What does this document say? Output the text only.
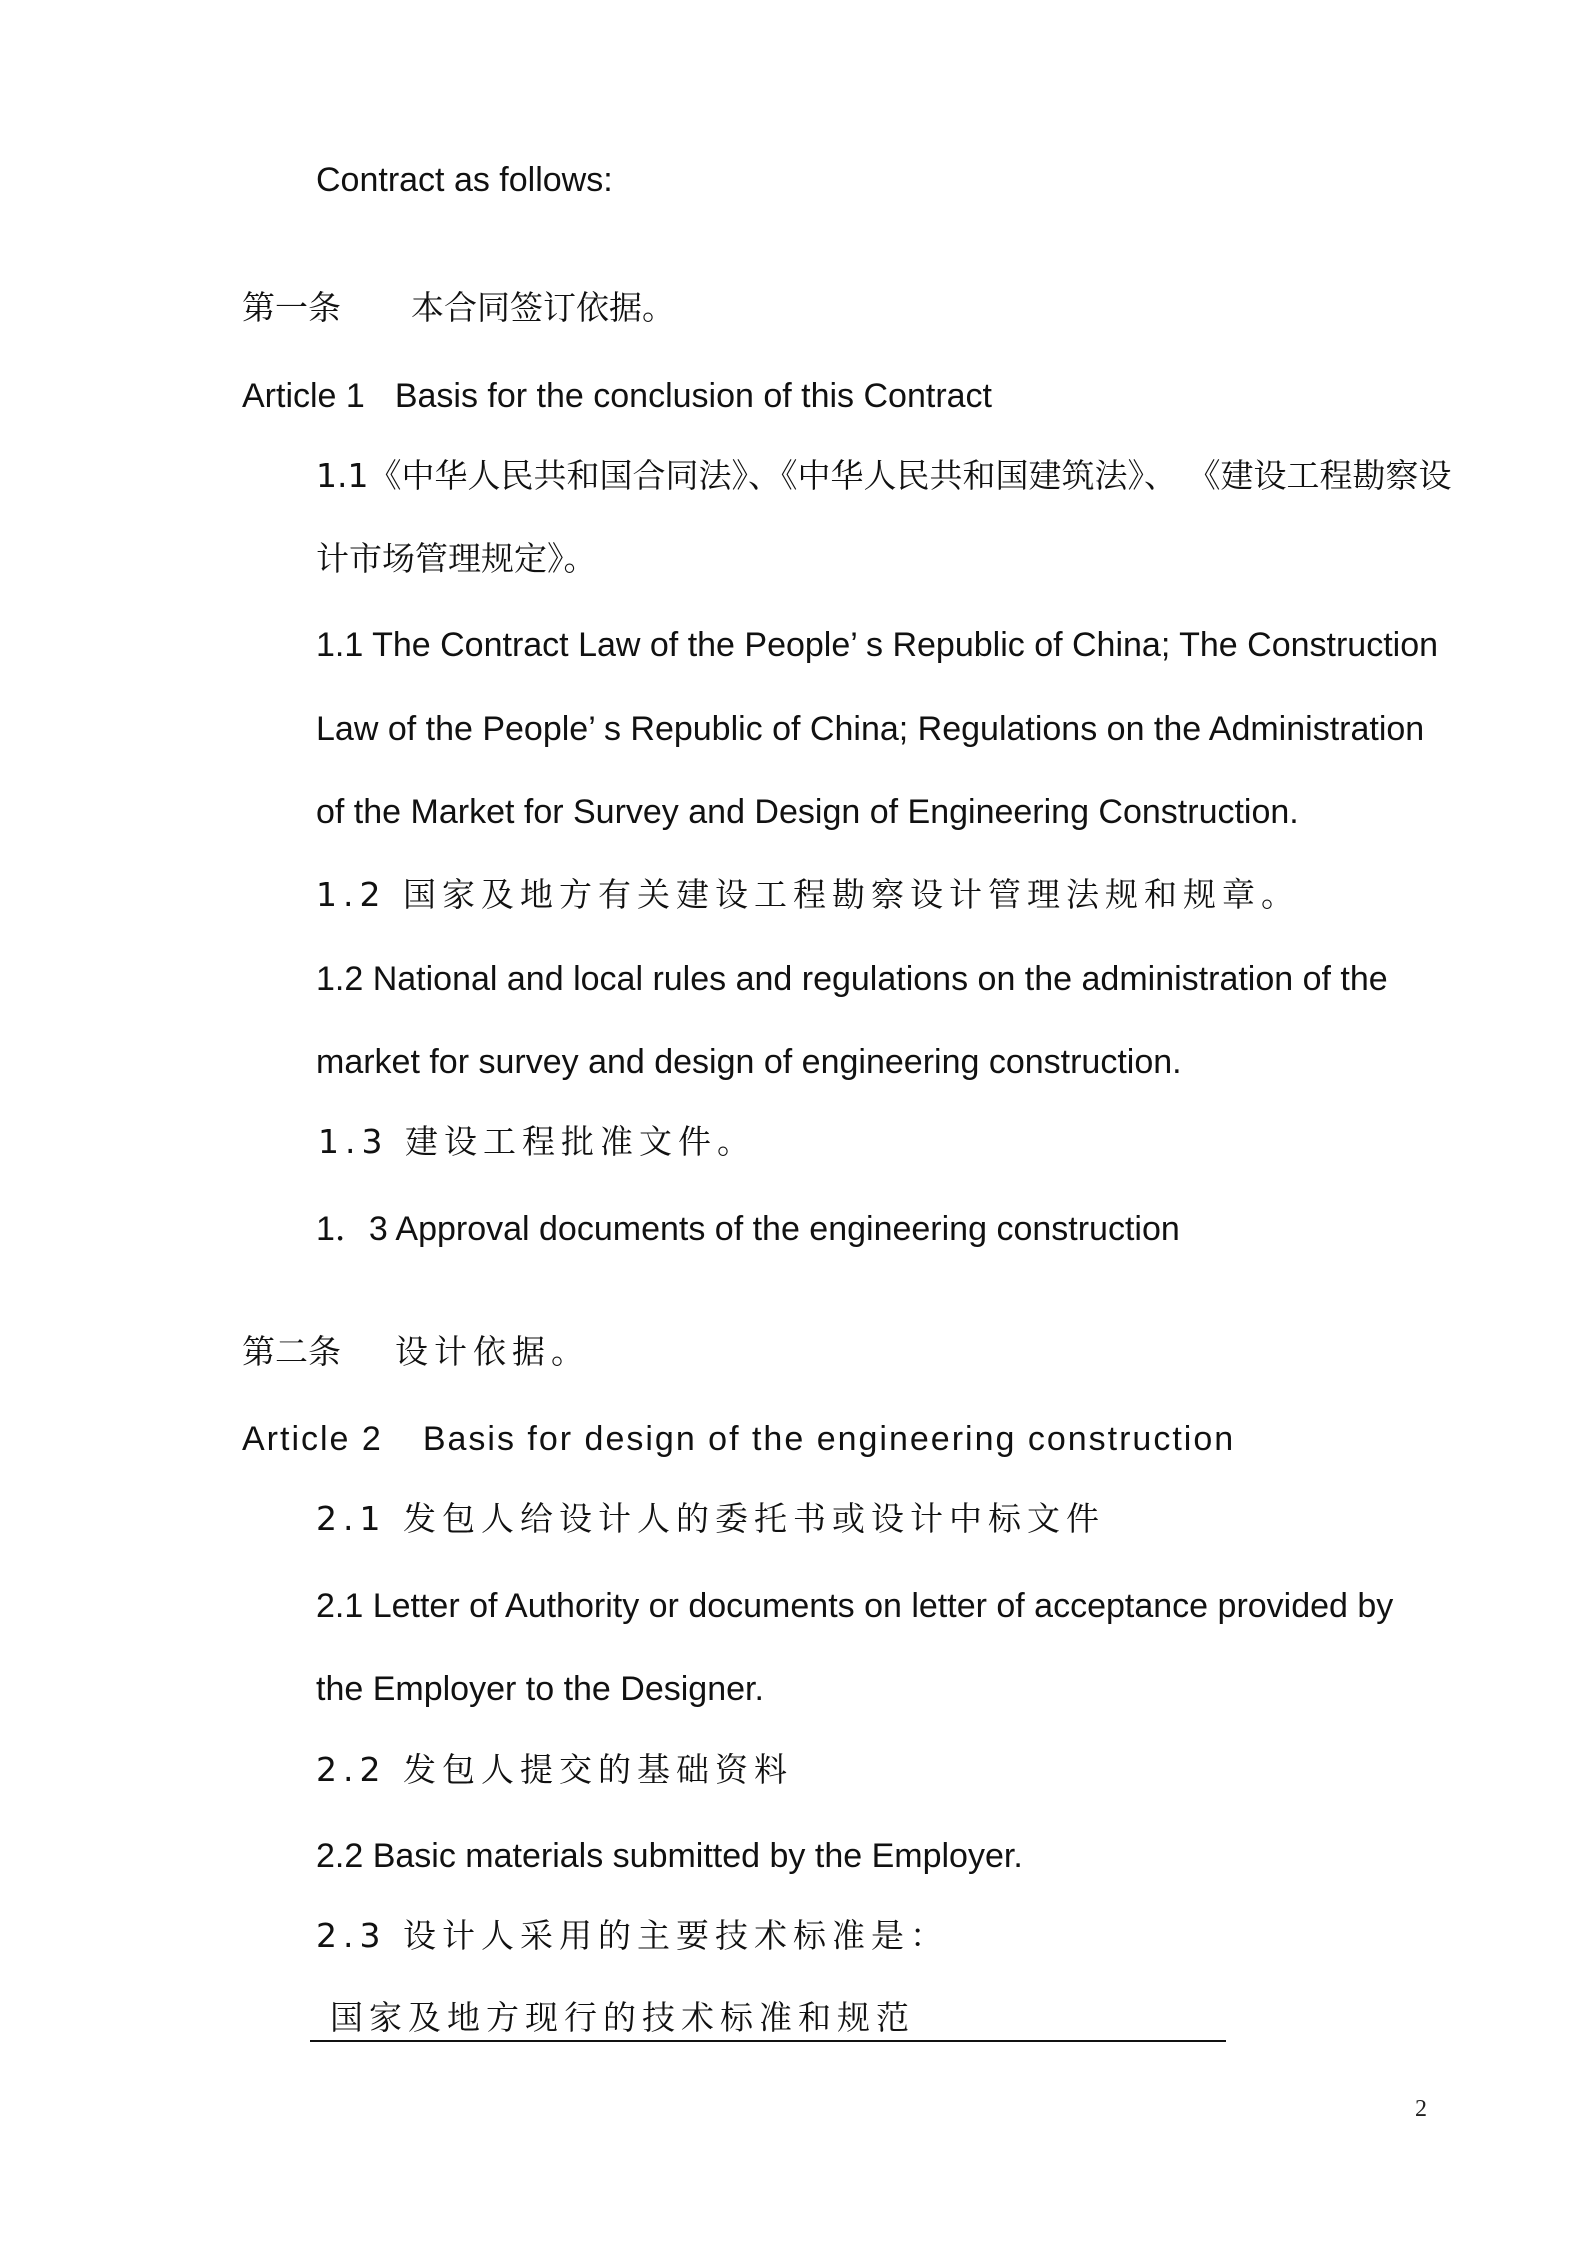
Contract as follows:
第一条 本合同签订依据。
Article 1 Basis for the conclusion of this Contract
1.1《中华人民共和国合同法》、《中华人民共和国建筑法》、 《建设工程勘察设
计市场管理规定》。
1.1 The Contract Law of the People’ s Republic of China; The Construction
Law of the People’ s Republic of China; Regulations on the Administration
of the Market for Survey and Design of Engineering Construction.
1.2 国家及地方有关建设工程勘察设计管理法规和规章。
1.2 National and local rules and regulations on the administration of the
market for survey and design of engineering construction.
1.3 建设工程批准文件。
1．3 Approval documents of the engineering construction
第二条 设计依据。
Article 2 Basis for design of the engineering construction
2.1 发包人给设计人的委托书或设计中标文件
2.1 Letter of Authority or documents on letter of acceptance provided by
the Employer to the Designer.
2.2 发包人提交的基础资料
2.2 Basic materials submitted by the Employer.
2.3 设计人采用的主要技术标准是：
国家及地方现行的技术标准和规范
2
